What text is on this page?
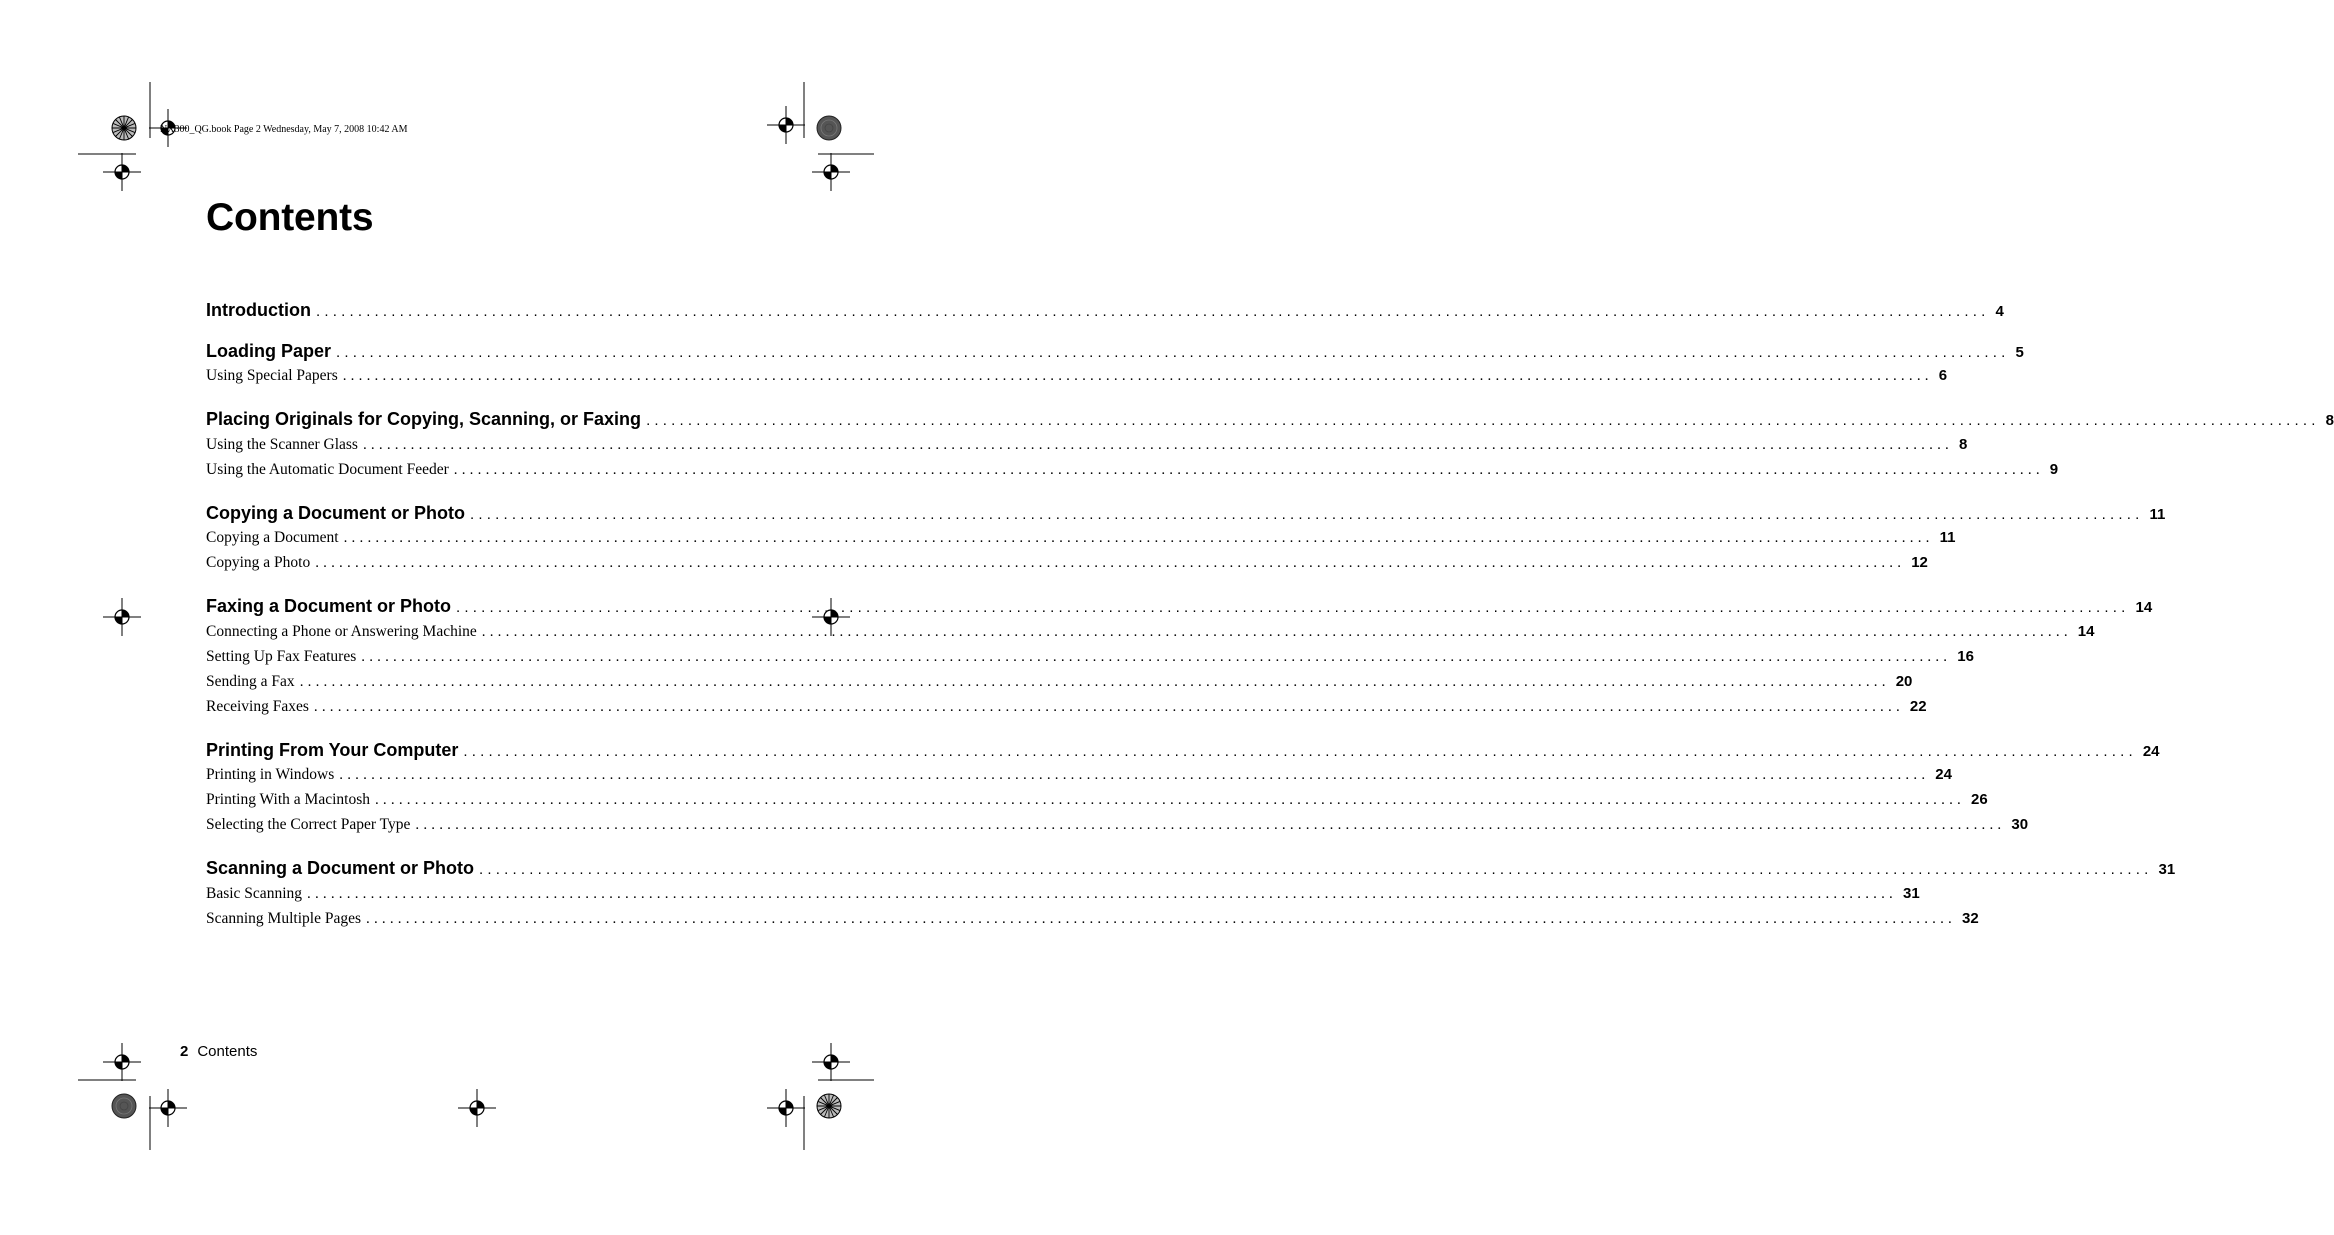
NX300_QG.book Page 2 Wednesday, May 7, 2008 10:42 AM
Contents
Introduction ........................................................................................................................................................................................................ 4
Loading Paper ........................................................................................................................................................................................................ 5
Using Special Papers ........................................................................................................................................................................................................ 6
Placing Originals for Copying, Scanning, or Faxing ........................................................................................................................................................................................................ 8
Using the Scanner Glass ........................................................................................................................................................................................................ 8
Using the Automatic Document Feeder ........................................................................................................................................................................................................ 9
Copying a Document or Photo ........................................................................................................................................................................................................ 11
Copying a Document ........................................................................................................................................................................................................ 11
Copying a Photo ........................................................................................................................................................................................................ 12
Faxing a Document or Photo ........................................................................................................................................................................................................ 14
Connecting a Phone or Answering Machine ........................................................................................................................................................................................................ 14
Setting Up Fax Features ........................................................................................................................................................................................................ 16
Sending a Fax ........................................................................................................................................................................................................ 20
Receiving Faxes ........................................................................................................................................................................................................ 22
Printing From Your Computer ........................................................................................................................................................................................................ 24
Printing in Windows ........................................................................................................................................................................................................ 24
Printing With a Macintosh ........................................................................................................................................................................................................ 26
Selecting the Correct Paper Type ........................................................................................................................................................................................................ 30
Scanning a Document or Photo ........................................................................................................................................................................................................ 31
Basic Scanning ........................................................................................................................................................................................................ 31
Scanning Multiple Pages ........................................................................................................................................................................................................ 32
2 Contents
